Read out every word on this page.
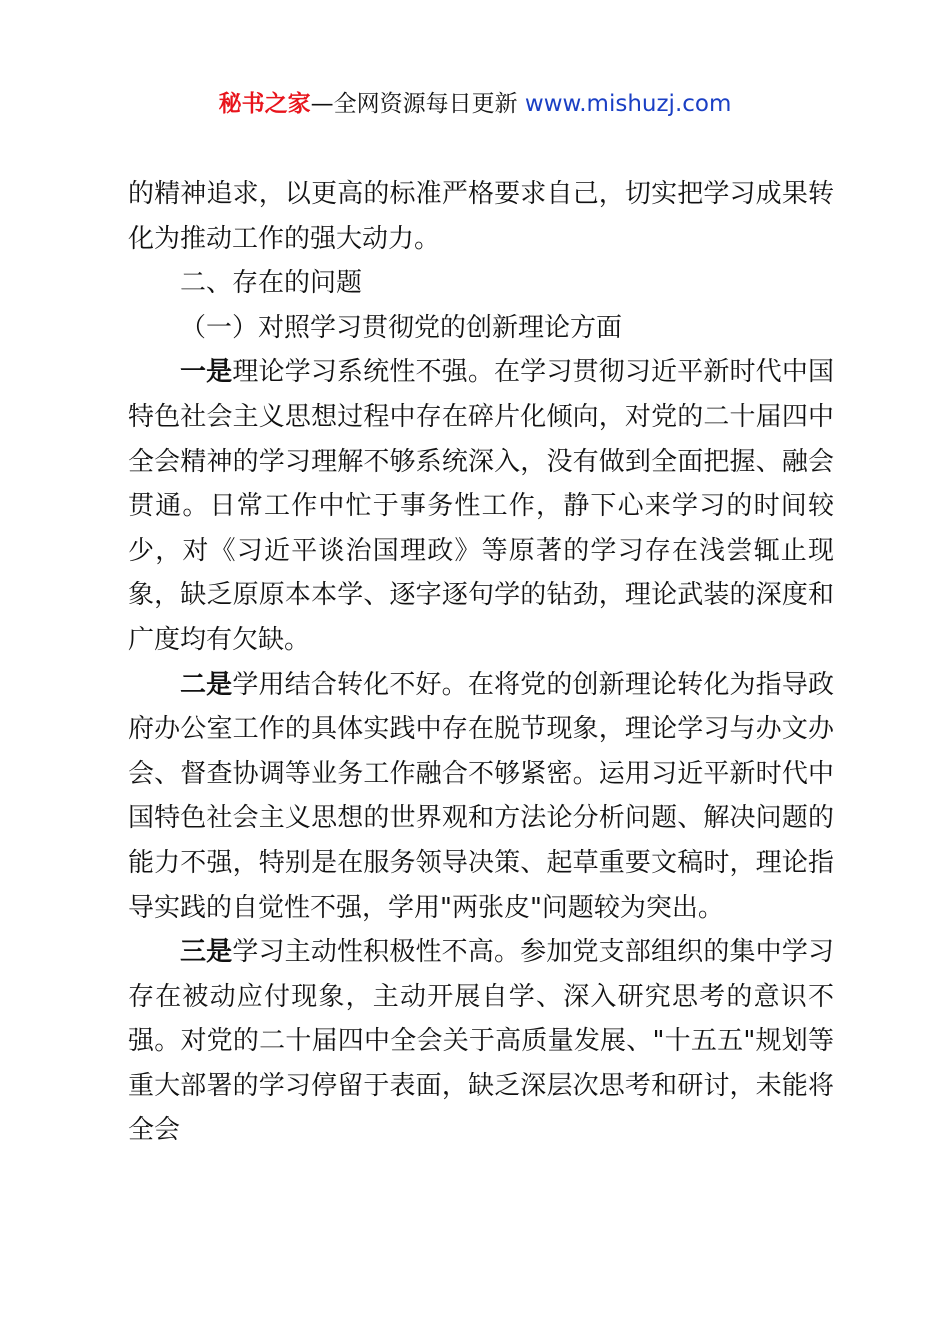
秘书之家—全网资源每日更新 www.mishuzj.com

的精神追求，以更高的标准严格要求自己，切实把学习成果转化为推动工作的强大动力。

二、存在的问题

（一）对照学习贯彻党的创新理论方面

一是理论学习系统性不强。在学习贯彻习近平新时代中国特色社会主义思想过程中存在碎片化倾向，对党的二十届四中全会精神的学习理解不够系统深入，没有做到全面把握、融会贯通。日常工作中忙于事务性工作，静下心来学习的时间较少，对《习近平谈治国理政》等原著的学习存在浅尝辄止现象，缺乏原原本本学、逐字逐句学的钻劲，理论武装的深度和广度均有欠缺。

二是学用结合转化不好。在将党的创新理论转化为指导政府办公室工作的具体实践中存在脱节现象，理论学习与办文办会、督查协调等业务工作融合不够紧密。运用习近平新时代中国特色社会主义思想的世界观和方法论分析问题、解决问题的能力不强，特别是在服务领导决策、起草重要文稿时，理论指导实践的自觉性不强，学用"两张皮"问题较为突出。

三是学习主动性积极性不高。参加党支部组织的集中学习存在被动应付现象，主动开展自学、深入研究思考的意识不强。对党的二十届四中全会关于高质量发展、"十五五"规划等重大部署的学习停留于表面，缺乏深层次思考和研讨，未能将全会
